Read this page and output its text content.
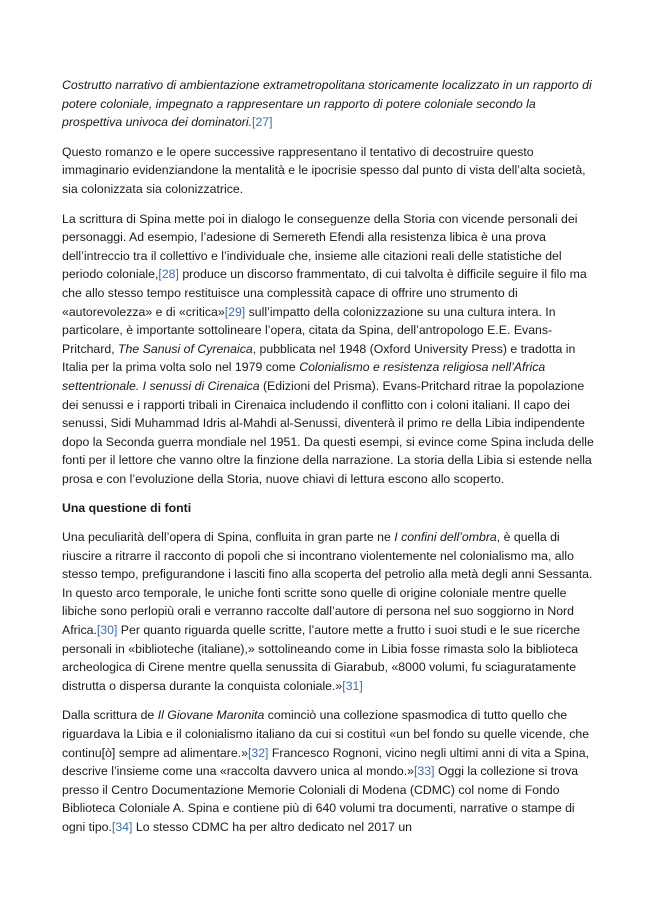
Costrutto narrativo di ambientazione extrametropolitana storicamente localizzato in un rapporto di potere coloniale, impegnato a rappresentare un rapporto di potere coloniale secondo la prospettiva univoca dei dominatori.[27]

Questo romanzo e le opere successive rappresentano il tentativo di decostruire questo immaginario evidenziandone la mentalità e le ipocrisie spesso dal punto di vista dell’alta società, sia colonizzata sia colonizzatrice.

La scrittura di Spina mette poi in dialogo le conseguenze della Storia con vicende personali dei personaggi. Ad esempio, l’adesione di Semereth Efendi alla resistenza libica è una prova dell’intreccio tra il collettivo e l’individuale che, insieme alle citazioni reali delle statistiche del periodo coloniale,[28] produce un discorso frammentato, di cui talvolta è difficile seguire il filo ma che allo stesso tempo restituisce una complessità capace di offrire uno strumento di «autorevolezza» e di «critica»[29] sull’impatto della colonizzazione su una cultura intera. In particolare, è importante sottolineare l’opera, citata da Spina, dell’antropologo E.E. Evans-Pritchard, The Sanusi of Cyrenaica, pubblicata nel 1948 (Oxford University Press) e tradotta in Italia per la prima volta solo nel 1979 come Colonialismo e resistenza religiosa nell’Africa settentrionale. I senussi di Cirenaica (Edizioni del Prisma). Evans-Pritchard ritrae la popolazione dei senussi e i rapporti tribali in Cirenaica includendo il conflitto con i coloni italiani. Il capo dei senussi, Sidi Muhammad Idris al-Mahdi al-Senussi, diventerà il primo re della Libia indipendente dopo la Seconda guerra mondiale nel 1951. Da questi esempi, si evince come Spina includa delle fonti per il lettore che vanno oltre la finzione della narrazione. La storia della Libia si estende nella prosa e con l’evoluzione della Storia, nuove chiavi di lettura escono allo scoperto.

Una questione di fonti

Una peculiarità dell’opera di Spina, confluita in gran parte ne I confini dell’ombra, è quella di riuscire a ritrarre il racconto di popoli che si incontrano violentemente nel colonialismo ma, allo stesso tempo, prefigurandone i lasciti fino alla scoperta del petrolio alla metà degli anni Sessanta. In questo arco temporale, le uniche fonti scritte sono quelle di origine coloniale mentre quelle libiche sono perlopiù orali e verranno raccolte dall’autore di persona nel suo soggiorno in Nord Africa.[30] Per quanto riguarda quelle scritte, l’autore mette a frutto i suoi studi e le sue ricerche personali in «biblioteche (italiane),» sottolineando come in Libia fosse rimasta solo la biblioteca archeologica di Cirene mentre quella senussita di Giarabub, «8000 volumi, fu sciaguratamente distrutta o dispersa durante la conquista coloniale.»[31]

Dalla scrittura de Il Giovane Maronita cominciò una collezione spasmodica di tutto quello che riguardava la Libia e il colonialismo italiano da cui si costituì «un bel fondo su quelle vicende, che continu[ò] sempre ad alimentare.»[32] Francesco Rognoni, vicino negli ultimi anni di vita a Spina, descrive l’insieme come una «raccolta davvero unica al mondo.»[33] Oggi la collezione si trova presso il Centro Documentazione Memorie Coloniali di Modena (CDMC) col nome di Fondo Biblioteca Coloniale A. Spina e contiene più di 640 volumi tra documenti, narrative o stampe di ogni tipo.[34] Lo stesso CDMC ha per altro dedicato nel 2017 un
